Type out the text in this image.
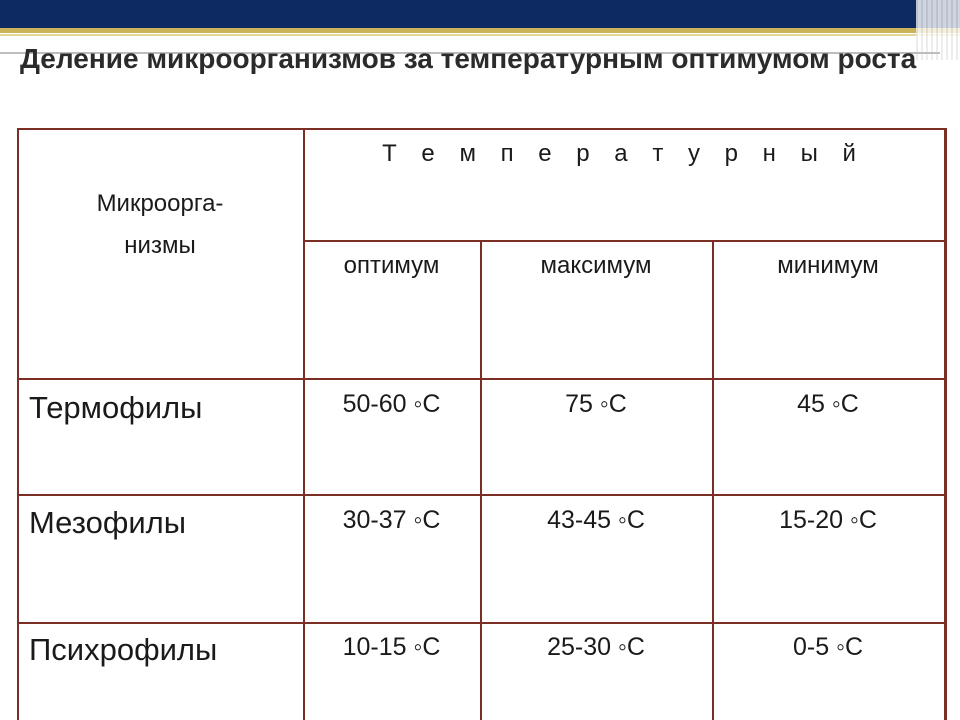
Деление микроорганизмов за температурным оптимумом роста
Микроорга-
низмы
Т е м п е р а т у р н ы й
оптимум	максимум	минимум
Термофилы	50-60 ◦C	75 ◦C	45 ◦C
Мезофилы	30-37 ◦C	43-45 ◦C	15-20 ◦C
Психрофилы	10-15 ◦C	25-30 ◦C	0-5 ◦C
